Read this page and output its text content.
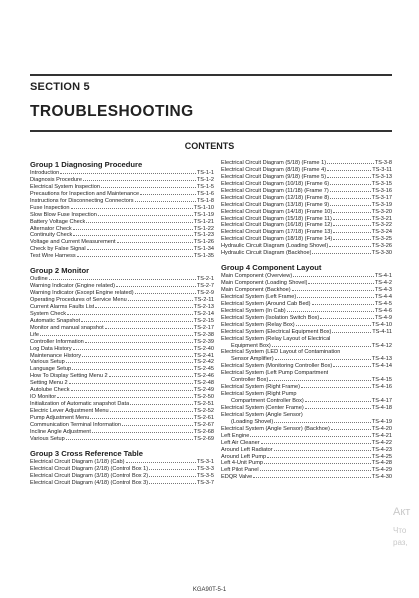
SECTION 5
TROUBLESHOOTING
CONTENTS
Group 1 Diagnosing Procedure
Introduction	TS-1-1
Diagnosis Procedure	TS-1-2
Electrical System Inspection	TS-1-5
Precautions for Inspection and Maintenance	TS-1-6
Instructions for Disconnecting Connectors	TS-1-8
Fuse Inspection	TS-1-10
Slow Blow Fuse Inspection	TS-1-19
Battery Voltage Check	TS-1-21
Alternator Check	TS-1-22
Continuity Check	TS-1-23
Voltage and Current Measurement	TS-1-26
Check by False Signal	TS-1-34
Test Wire Harness	TS-1-35
Group 2 Monitor
Outline	TS-2-1
Warning Indicator (Engine related)	TS-2-7
Warning Indicator (Except Engine related)	TS-2-9
Operating Procedures of Service Menu	TS-2-11
Current Alarms Faults List	TS-2-13
System Check	TS-2-14
Automatic Snapshot	TS-2-15
Monitor and manual snapshot	TS-2-17
Life	TS-2-38
Controller Information	TS-2-39
Log Data History	TS-2-40
Maintenance History	TS-2-41
Various Setup	TS-2-42
Language Setup	TS-2-45
How To Display Setting Menu 2	TS-2-46
Setting Menu 2	TS-2-48
Autolube Check	TS-2-49
IO Monitor	TS-2-50
Initialization of Automatic snapshot Data	TS-2-51
Electric Lever Adjustment Menu	TS-2-52
Pump Adjustment Menu	TS-2-61
Communication Terminal Information	TS-2-67
Incline Angle Adjustment	TS-2-68
Various Setup	TS-2-69
Group 3 Cross Reference Table
Electrical Circuit Diagram (1/18) (Cab)	TS-3-1
Electrical Circuit Diagram (2/18) (Control Box 1)	TS-3-3
Electrical Circuit Diagram (3/18) (Control Box 2)	TS-3-5
Electrical Circuit Diagram (4/18) (Control Box 3)	TS-3-7
Electrical Circuit Diagram (5/18) (Frame 1)	TS-3-8
Electrical Circuit Diagram (8/18) (Frame 4)	TS-3-11
Electrical Circuit Diagram (9/18) (Frame 5)	TS-3-13
Electrical Circuit Diagram (10/18) (Frame 6)	TS-3-15
Electrical Circuit Diagram (11/18) (Frame 7)	TS-3-16
Electrical Circuit Diagram (12/18) (Frame 8)	TS-3-17
Electrical Circuit Diagram (13/18) (Frame 9)	TS-3-19
Electrical Circuit Diagram (14/18) (Frame 10)	TS-3-20
Electrical Circuit Diagram (15/18) (Frame 11)	TS-3-21
Electrical Circuit Diagram (16/18) (Frame 12)	TS-3-22
Electrical Circuit Diagram (17/18) (Frame 13)	TS-3-24
Electrical Circuit Diagram (18/18) (Frame 14)	TS-3-25
Hydraulic Circuit Diagram (Loading Shovel)	TS-3-26
Hydraulic Circuit Diagram (Backhoe)	TS-3-30
Group 4 Component Layout
Main Component (Overview)	TS-4-1
Main Component (Loading Shovel)	TS-4-2
Main Component (Backhoe)	TS-4-3
Electrical System (Left Frame)	TS-4-4
Electrical System (Around Cab Bed)	TS-4-5
Electrical System (In Cab)	TS-4-6
Electrical System (Isolation Switch Box)	TS-4-9
Electrical System (Relay Box)	TS-4-10
Electrical System (Electrical Equipment Box)	TS-4-11
Electrical System (Relay Layout of Electrical
Equipment Box)	TS-4-12
Electrical System (LED Layout of Contamination
Sensor Amplifier)	TS-4-13
Electrical System (Monitoring Controller Box)	TS-4-14
Electrical System (Left Pump Compartment
Controller Box)	TS-4-15
Electrical System (Right Frame)	TS-4-16
Electrical System (Right Pump
Compartment Controller Box)	TS-4-17
Electrical System (Center Frame)	TS-4-18
Electrical System (Angle Sensor)
(Loading Shovel)	TS-4-19
Electrical System (Angle Sensor) (Backhoe)	TS-4-20
Left Engine	TS-4-21
Left Air Cleaner	TS-4-22
Around Left Radiator	TS-4-23
Around Left Pump	TS-4-25
Left 4-Unit Pump	TS-4-28
Left Pilot Panel	TS-4-29
EDQR Valve	TS-4-30
KGA90T-5-1
Акт
Что
раз,
